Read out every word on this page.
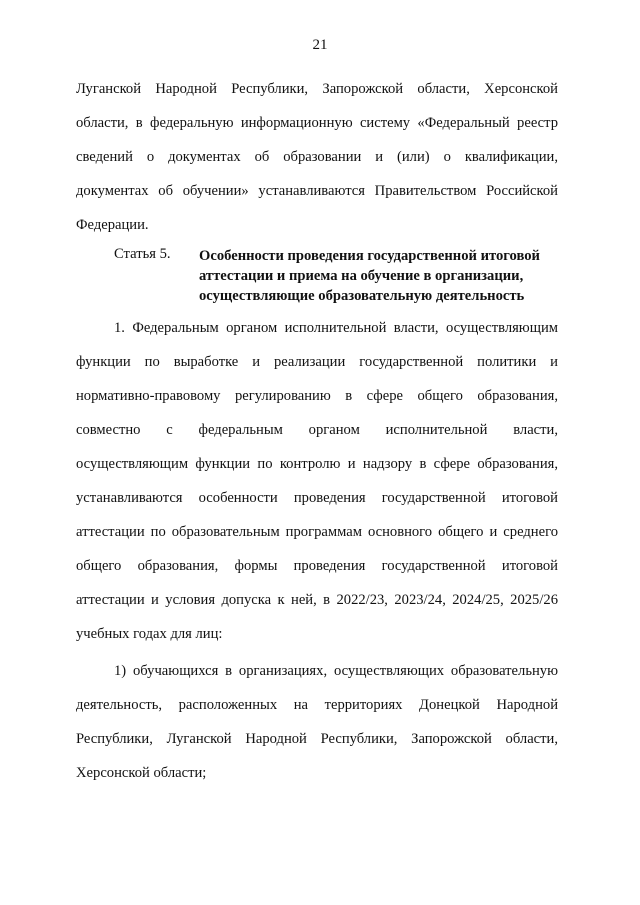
21
Луганской Народной Республики, Запорожской области, Херсонской
области, в федеральную информационную систему «Федеральный реестр
сведений о документах об образовании и (или) о квалификации,
документах об обучении» устанавливаются Правительством Российской
Федерации.
Статья 5. Особенности проведения государственной итоговой
аттестации и приема на обучение в организации,
осуществляющие образовательную деятельность
1. Федеральным органом исполнительной власти, осуществляющим
функции по выработке и реализации государственной политики и
нормативно-правовому регулированию в сфере общего образования,
совместно с федеральным органом исполнительной власти,
осуществляющим функции по контролю и надзору в сфере образования,
устанавливаются особенности проведения государственной итоговой
аттестации по образовательным программам основного общего и среднего
общего образования, формы проведения государственной итоговой
аттестации и условия допуска к ней, в 2022/23, 2023/24, 2024/25, 2025/26
учебных годах для лиц:
1) обучающихся в организациях, осуществляющих образовательную
деятельность, расположенных на территориях Донецкой Народной
Республики, Луганской Народной Республики, Запорожской области,
Херсонской области;
